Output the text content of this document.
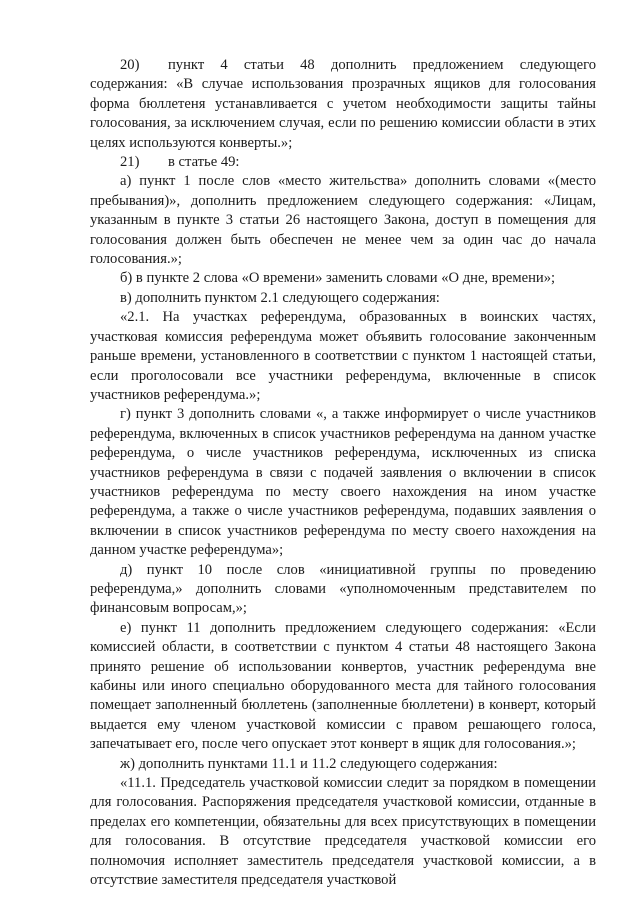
20) пункт 4 статьи 48 дополнить предложением следующего содержания: «В случае использования прозрачных ящиков для голосования форма бюллетеня устанавливается с учетом необходимости защиты тайны голосования, за исключением случая, если по решению комиссии области в этих целях используются конверты.»;

21) в статье 49:

а) пункт 1 после слов «место жительства» дополнить словами «(место пребывания)», дополнить предложением следующего содержания: «Лицам, указанным в пункте 3 статьи 26 настоящего Закона, доступ в помещения для голосования должен быть обеспечен не менее чем за один час до начала голосования.»;

б) в пункте 2 слова «О времени» заменить словами «О дне, времени»;

в) дополнить пунктом 2.1 следующего содержания:

«2.1. На участках референдума, образованных в воинских частях, участковая комиссия референдума может объявить голосование законченным раньше времени, установленного в соответствии с пунктом 1 настоящей статьи, если проголосовали все участники референдума, включенные в список участников референдума.»;

г) пункт 3 дополнить словами «, а также информирует о числе участников референдума, включенных в список участников референдума на данном участке референдума, о числе участников референдума, исключенных из списка участников референдума в связи с подачей заявления о включении в список участников референдума по месту своего нахождения на ином участке референдума, а также о числе участников референдума, подавших заявления о включении в список участников референдума по месту своего нахождения на данном участке референдума»;

д) пункт 10 после слов «инициативной группы по проведению референдума,» дополнить словами «уполномоченным представителем по финансовым вопросам,»;

е) пункт 11 дополнить предложением следующего содержания: «Если комиссией области, в соответствии с пунктом 4 статьи 48 настоящего Закона принято решение об использовании конвертов, участник референдума вне кабины или иного специально оборудованного места для тайного голосования помещает заполненный бюллетень (заполненные бюллетени) в конверт, который выдается ему членом участковой комиссии с правом решающего голоса, запечатывает его, после чего опускает этот конверт в ящик для голосования.»;

ж) дополнить пунктами 11.1 и 11.2 следующего содержания:

«11.1. Председатель участковой комиссии следит за порядком в помещении для голосования. Распоряжения председателя участковой комиссии, отданные в пределах его компетенции, обязательны для всех присутствующих в помещении для голосования. В отсутствие председателя участковой комиссии его полномочия исполняет заместитель председателя участковой комиссии, а в отсутствие заместителя председателя участковой
